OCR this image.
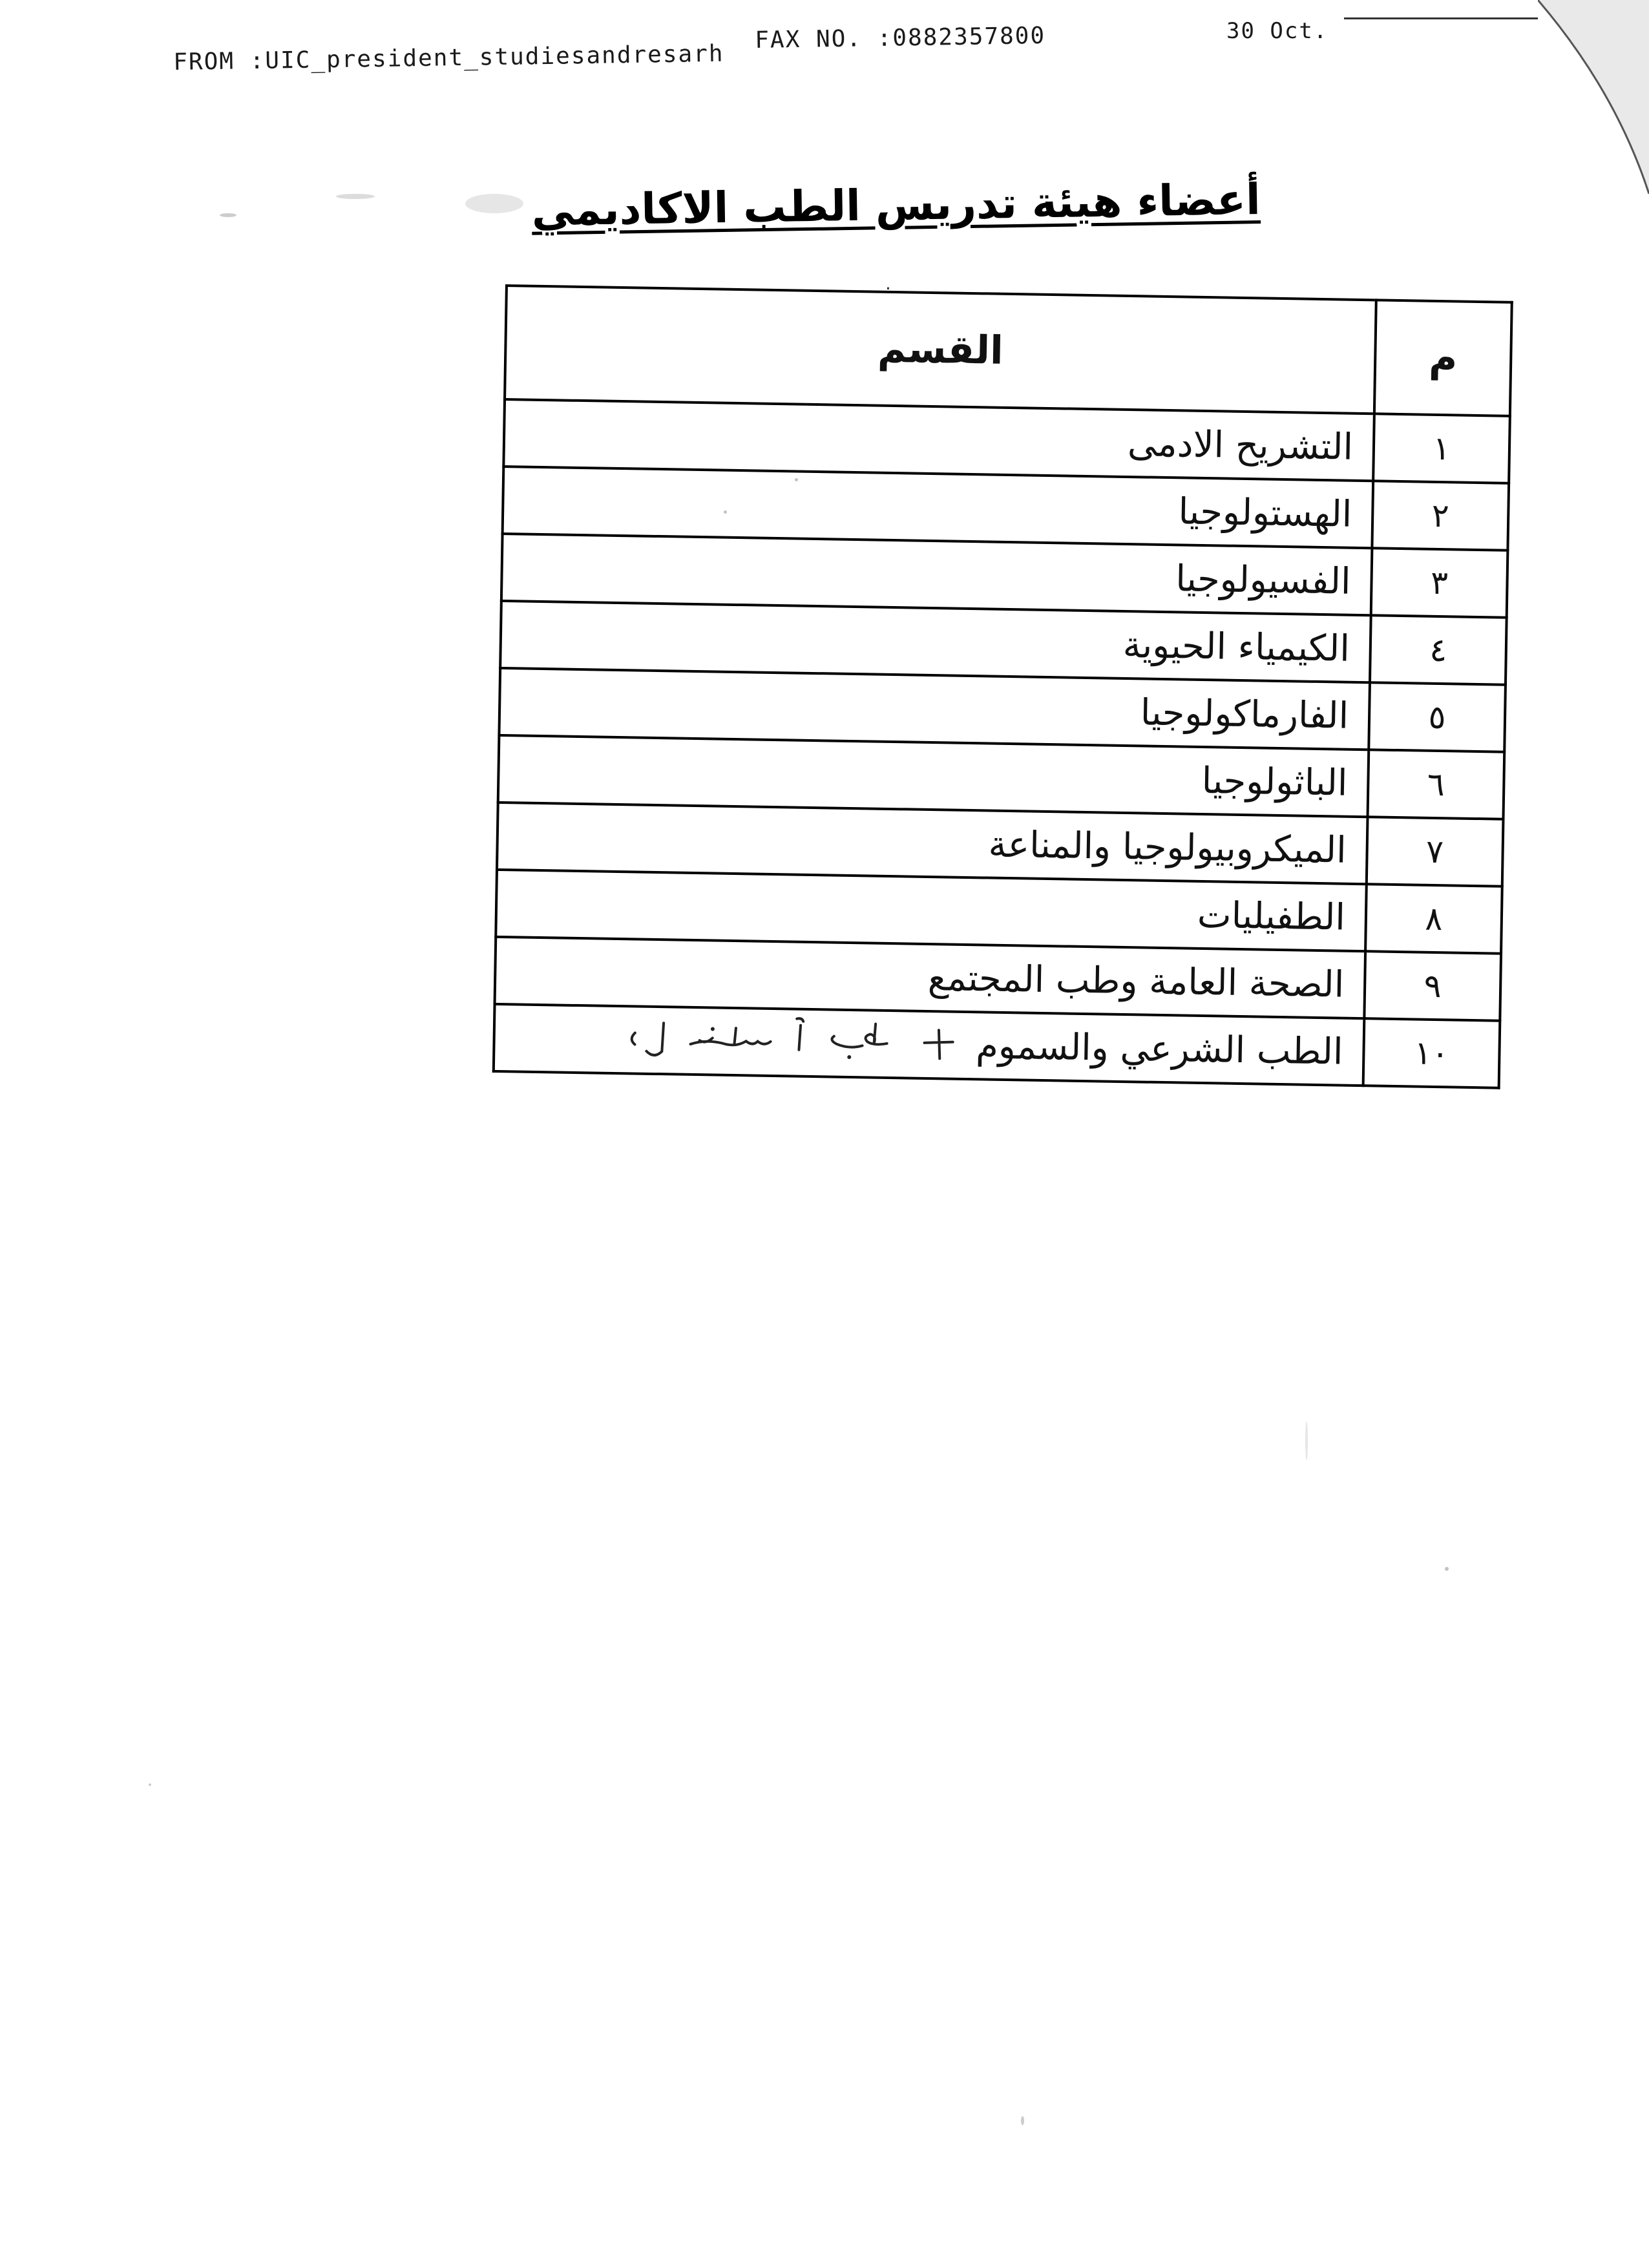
FROM :UIC_president_studiesandresarh
FAX NO. :0882357800	30 Oct.
أعضاء هيئة تدريس الطب الاكاديمي
·
م	القسم
١	التشريح الادمى
٢	الهستولوجيا
٣	الفسيولوجيا
٤	الكيمياء الحيوية
٥	الفارماكولوجيا
٦	الباثولوجيا
٧	الميكروبيولوجيا والمناعة
٨	الطفيليات
٩	الصحة العامة وطب المجتمع
١٠	الطب الشرعي والسموم
